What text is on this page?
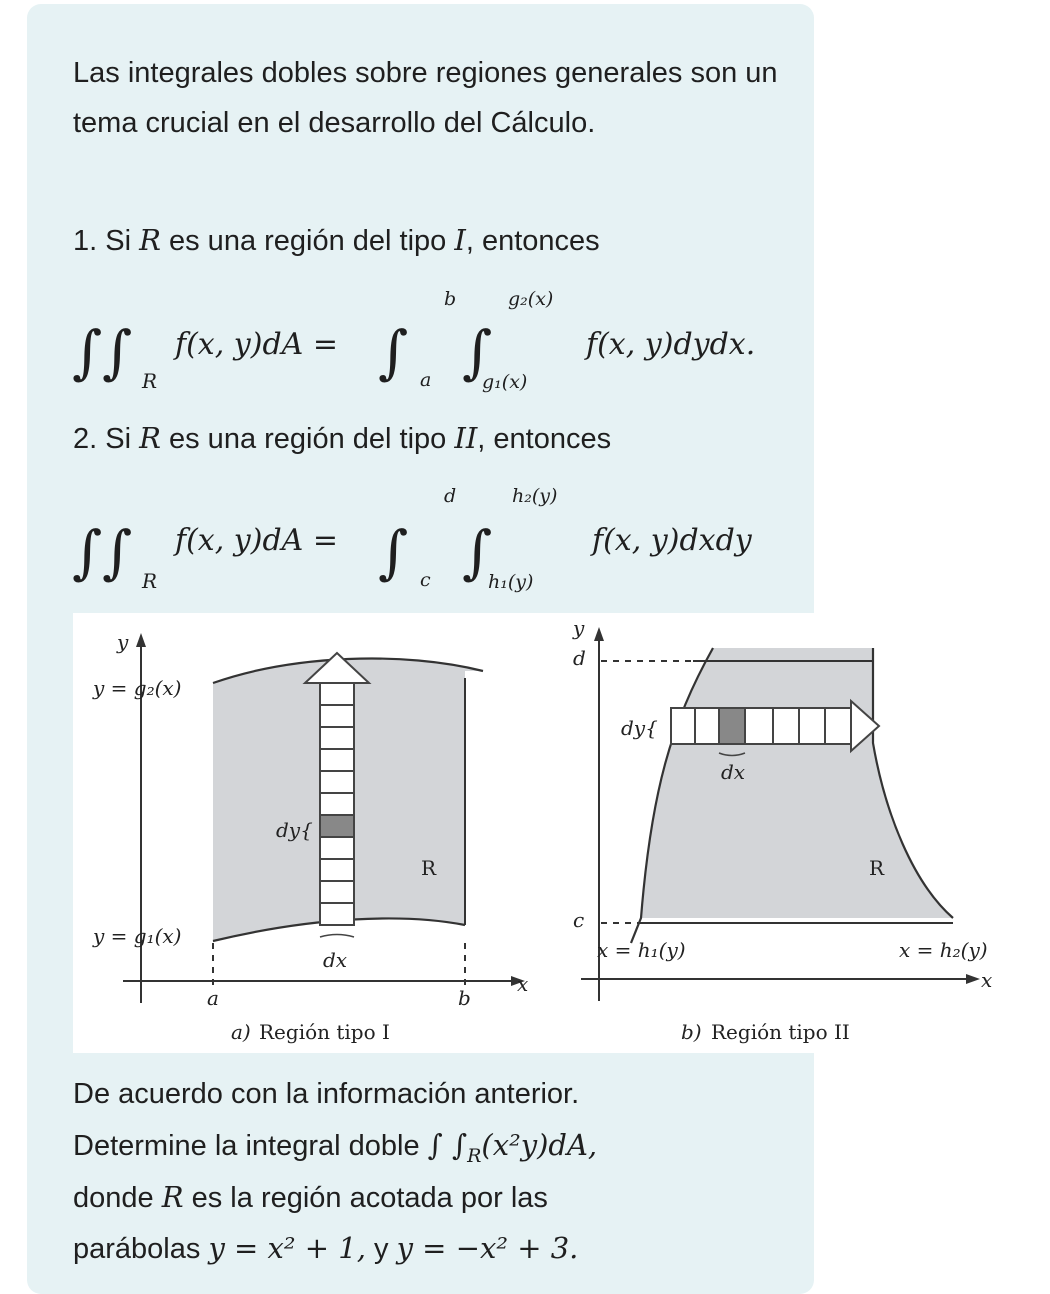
Las integrales dobles sobre regiones generales son un tema crucial en el desarrollo del Cálculo.

1. Si R es una región del tipo I, entonces
∫ ∫ R
f(x, y)dA = ∫ a
b
∫
g₁(x)
g₂(x)
f(x, y)dydx.
2. Si R es una región del tipo II, entonces
∫ ∫ R
f(x, y)dA = ∫ c
d
∫
h₁(y)
h₂(y)
f(x, y)dxdy
y
y = g₂(x)
y = g₁(x)
dy{
dx
R
a	b
x
a) Región tipo I
y
d
c
dy{
dx
R
x = h₁(y)	x = h₂(y)
x
b) Región tipo II
De acuerdo con la información anterior.
Determine la integral doble ∫ $\int_R(x^2y)dA$,
donde R es la región acotada por las
parábolas y = x² + 1, y y = −x² + 3.
